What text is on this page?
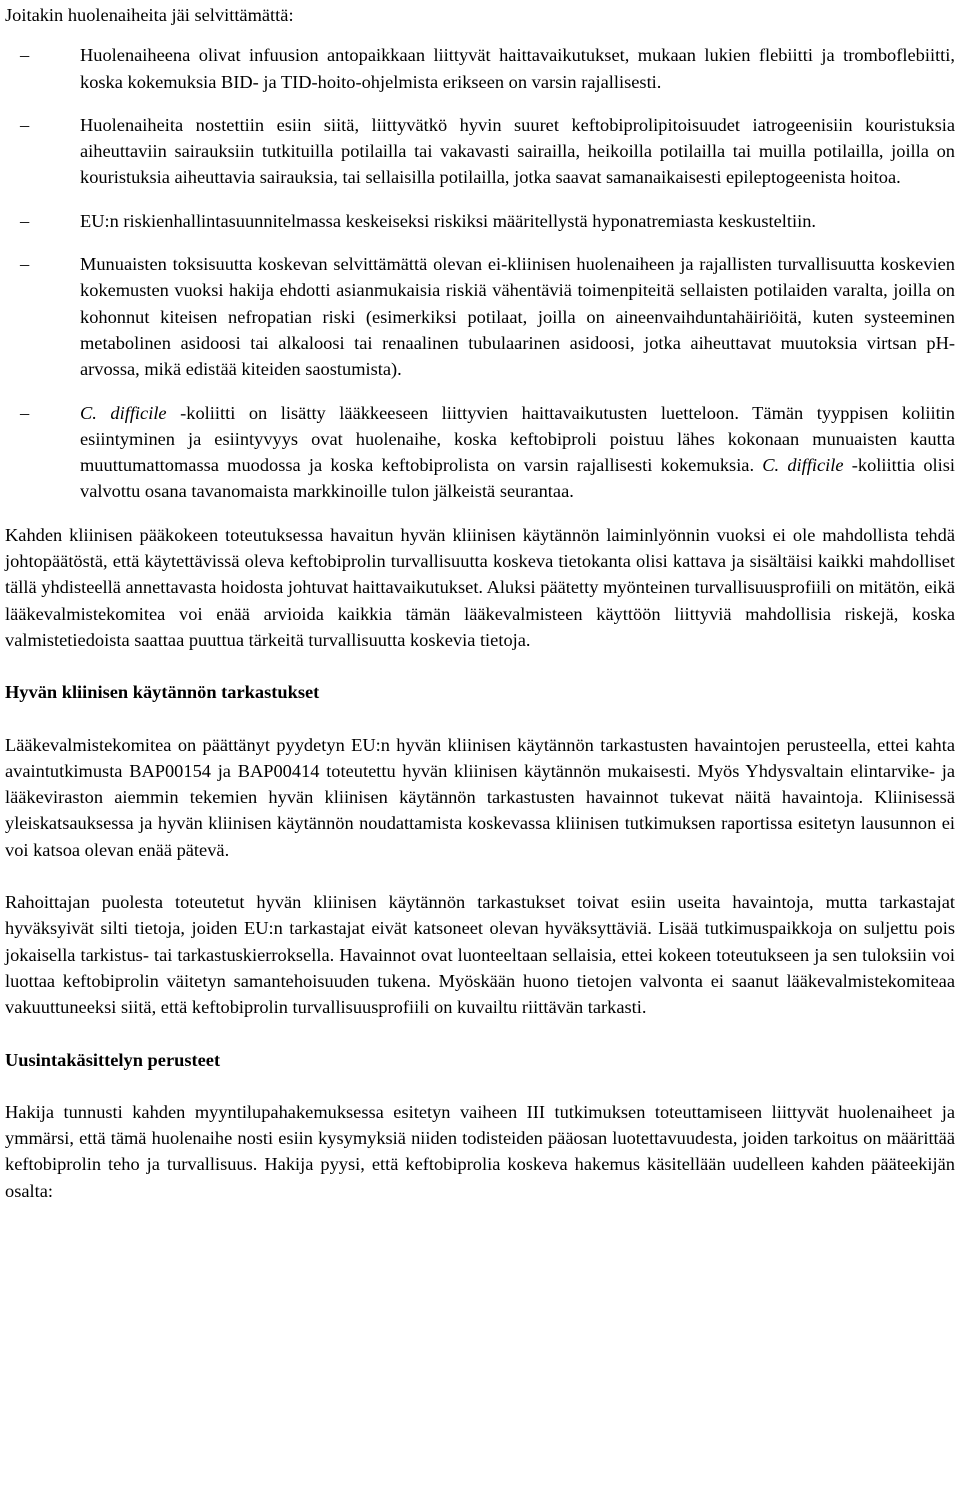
Joitakin huolenaiheita jäi selvittämättä:

–	Huolenaiheena olivat infuusion antopaikkaan liittyvät haittavaikutukset, mukaan lukien flebiitti ja tromboflebiitti, koska kokemuksia BID- ja TID-hoito-ohjelmista erikseen on varsin rajallisesti.
–	Huolenaiheita nostettiin esiin siitä, liittyvätkö hyvin suuret keftobiprolipitoisuudet iatrogeenisiin kouristuksia aiheuttaviin sairauksiin tutkituilla potilailla tai vakavasti sairailla, heikoilla potilailla tai muilla potilailla, joilla on kouristuksia aiheuttavia sairauksia, tai sellaisilla potilailla, jotka saavat samanaikaisesti epileptogeenista hoitoa.
–	EU:n riskienhallintasuunnitelmassa keskeiseksi riskiksi määritellystä hyponatremiasta keskusteltiin.
–	Munuaisten toksisuutta koskevan selvittämättä olevan ei-kliinisen huolenaiheen ja rajallisten turvallisuutta koskevien kokemusten vuoksi hakija ehdotti asianmukaisia riskiä vähentäviä toimenpiteitä sellaisten potilaiden varalta, joilla on kohonnut kiteisen nefropatian riski (esimerkiksi potilaat, joilla on aineenvaihduntahäiriöitä, kuten systeeminen metabolinen asidoosi tai alkaloosi tai renaalinen tubulaarinen asidoosi, jotka aiheuttavat muutoksia virtsan pH-arvossa, mikä edistää kiteiden saostumista).
–	C. difficile -koliitti on lisätty lääkkeeseen liittyvien haittavaikutusten luetteloon. Tämän tyyppisen koliitin esiintyminen ja esiintyvyys ovat huolenaihe, koska keftobiproli poistuu lähes kokonaan munuaisten kautta muuttumattomassa muodossa ja koska keftobiprolista on varsin rajallisesti kokemuksia. C. difficile -koliittia olisi valvottu osana tavanomaista markkinoille tulon jälkeistä seurantaa.

Kahden kliinisen pääkokeen toteutuksessa havaitun hyvän kliinisen käytännön laiminlyönnin vuoksi ei ole mahdollista tehdä johtopäätöstä, että käytettävissä oleva keftobiprolin turvallisuutta koskeva tietokanta olisi kattava ja sisältäisi kaikki mahdolliset tällä yhdisteellä annettavasta hoidosta johtuvat haittavaikutukset. Aluksi päätetty myönteinen turvallisuusprofiili on mitätön, eikä lääkevalmistekomitea voi enää arvioida kaikkia tämän lääkevalmisteen käyttöön liittyviä mahdollisia riskejä, koska valmistetiedoista saattaa puuttua tärkeitä turvallisuutta koskevia tietoja.

Hyvän kliinisen käytännön tarkastukset

Lääkevalmistekomitea on päättänyt pyydetyn EU:n hyvän kliinisen käytännön tarkastusten havaintojen perusteella, ettei kahta avaintutkimusta BAP00154 ja BAP00414 toteutettu hyvän kliinisen käytännön mukaisesti. Myös Yhdysvaltain elintarvike- ja lääkeviraston aiemmin tekemien hyvän kliinisen käytännön tarkastusten havainnot tukevat näitä havaintoja. Kliinisessä yleiskatsauksessa ja hyvän kliinisen käytännön noudattamista koskevassa kliinisen tutkimuksen raportissa esitetyn lausunnon ei voi katsoa olevan enää pätevä.

Rahoittajan puolesta toteutetut hyvän kliinisen käytännön tarkastukset toivat esiin useita havaintoja, mutta tarkastajat hyväksyivät silti tietoja, joiden EU:n tarkastajat eivät katsoneet olevan hyväksyttäviä. Lisää tutkimuspaikkoja on suljettu pois jokaisella tarkistus- tai tarkastuskierroksella. Havainnot ovat luonteeltaan sellaisia, ettei kokeen toteutukseen ja sen tuloksiin voi luottaa keftobiprolin väitetyn samantehoisuuden tukena. Myöskään huono tietojen valvonta ei saanut lääkevalmistekomiteaa vakuuttuneeksi siitä, että keftobiprolin turvallisuusprofiili on kuvailtu riittävän tarkasti.

Uusintakäsittelyn perusteet

Hakija tunnusti kahden myyntilupahakemuksessa esitetyn vaiheen III tutkimuksen toteuttamiseen liittyvät huolenaiheet ja ymmärsi, että tämä huolenaihe nosti esiin kysymyksiä niiden todisteiden pääosan luotettavuudesta, joiden tarkoitus on määrittää keftobiprolin teho ja turvallisuus. Hakija pyysi, että keftobiprolia koskeva hakemus käsitellään uudelleen kahden pääteekijän osalta:
